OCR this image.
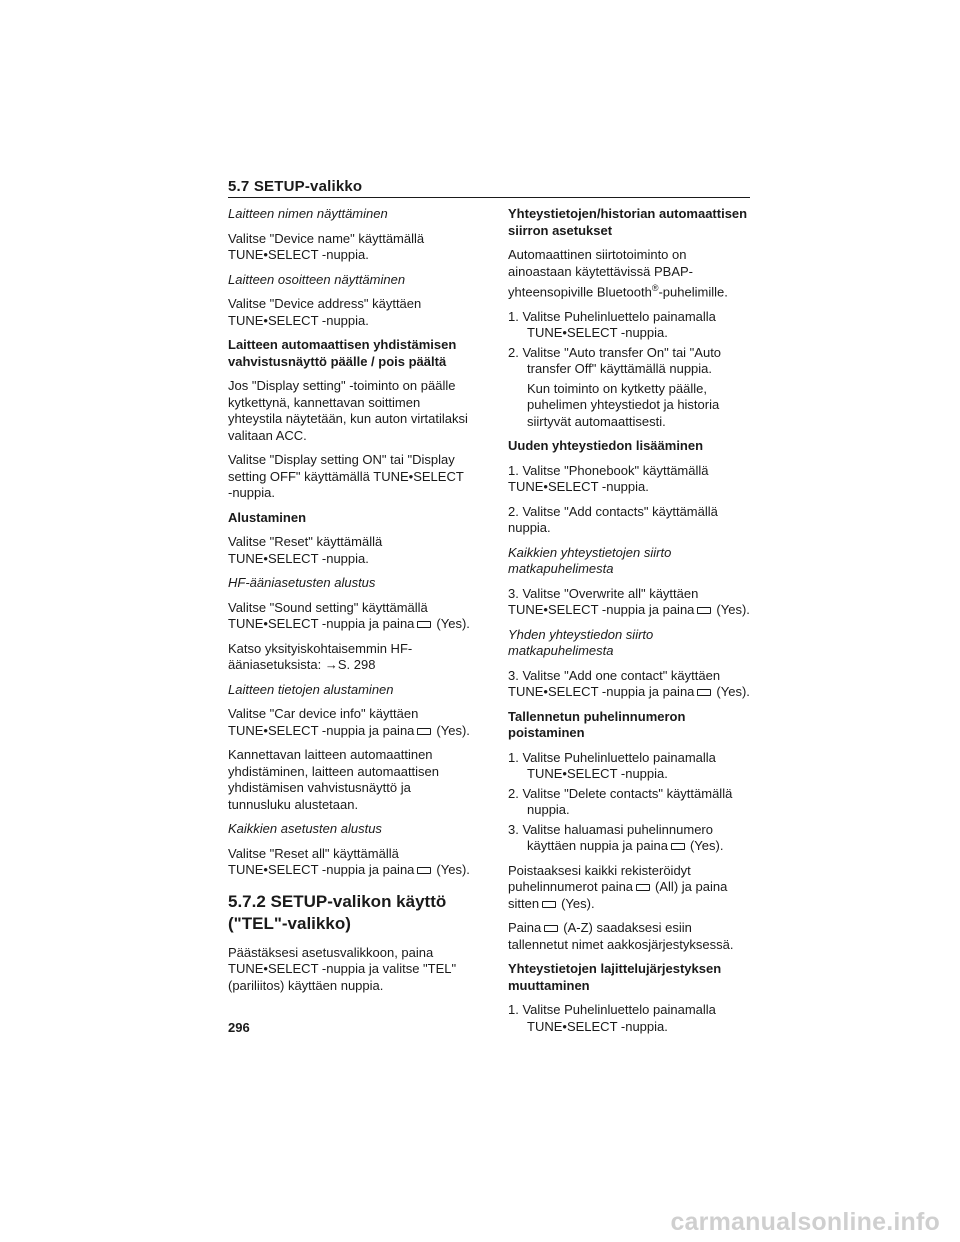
5.7 SETUP-valikko

Laitteen nimen näyttäminen

Valitse "Device name" käyttämällä TUNE•SELECT -nuppia.

Laitteen osoitteen näyttäminen

Valitse "Device address" käyttäen TUNE•SELECT -nuppia.

Laitteen automaattisen yhdistämisen vahvistusnäyttö päälle / pois päältä

Jos "Display setting" -toiminto on päälle kytkettynä, kannettavan soittimen yhteystila näytetään, kun auton virtatilaksi valitaan ACC.

Valitse "Display setting ON" tai "Display setting OFF" käyttämällä TUNE•SELECT -nuppia.

Alustaminen

Valitse "Reset" käyttämällä TUNE•SELECT -nuppia.

HF-ääniasetusten alustus

Valitse "Sound setting" käyttämällä TUNE•SELECT -nuppia ja paina (Yes).

Katso yksityiskohtaisemmin HF-ääniasetuksista: →S. 298

Laitteen tietojen alustaminen

Valitse "Car device info" käyttäen TUNE•SELECT -nuppia ja paina (Yes).

Kannettavan laitteen automaattinen yhdistäminen, laitteen automaattisen yhdistämisen vahvistusnäyttö ja tunnusluku alustetaan.

Kaikkien asetusten alustus

Valitse "Reset all" käyttämällä TUNE•SELECT -nuppia ja paina (Yes).

5.7.2 SETUP-valikon käyttö ("TEL"-valikko)

Päästäksesi asetusvalikkoon, paina TUNE•SELECT -nuppia ja valitse "TEL" (pariliitos) käyttäen nuppia.

Yhteystietojen/historian automaattisen siirron asetukset

Automaattinen siirtotoiminto on ainoastaan käytettävissä PBAP-yhteensopiville Bluetooth®-puhelimille.

1. Valitse Puhelinluettelo painamalla TUNE•SELECT -nuppia.

2. Valitse "Auto transfer On" tai "Auto transfer Off" käyttämällä nuppia.

Kun toiminto on kytketty päälle, puhelimen yhteystiedot ja historia siirtyvät automaattisesti.

Uuden yhteystiedon lisääminen

1. Valitse "Phonebook" käyttämällä TUNE•SELECT -nuppia.

2. Valitse "Add contacts" käyttämällä nuppia.

Kaikkien yhteystietojen siirto matkapuhelimesta

3. Valitse "Overwrite all" käyttäen TUNE•SELECT -nuppia ja paina (Yes).

Yhden yhteystiedon siirto matkapuhelimesta

3. Valitse "Add one contact" käyttäen TUNE•SELECT -nuppia ja paina (Yes).

Tallennetun puhelinnumeron poistaminen

1. Valitse Puhelinluettelo painamalla TUNE•SELECT -nuppia.

2. Valitse "Delete contacts" käyttämällä nuppia.

3. Valitse haluamasi puhelinnumero käyttäen nuppia ja paina (Yes).

Poistaaksesi kaikki rekisteröidyt puhelinnumerot paina (All) ja paina sitten (Yes).

Paina (A-Z) saadaksesi esiin tallennetut nimet aakkosjärjestyksessä.

Yhteystietojen lajittelujärjestyksen muuttaminen

1. Valitse Puhelinluettelo painamalla TUNE•SELECT -nuppia.

296
carmanualsonline.info
